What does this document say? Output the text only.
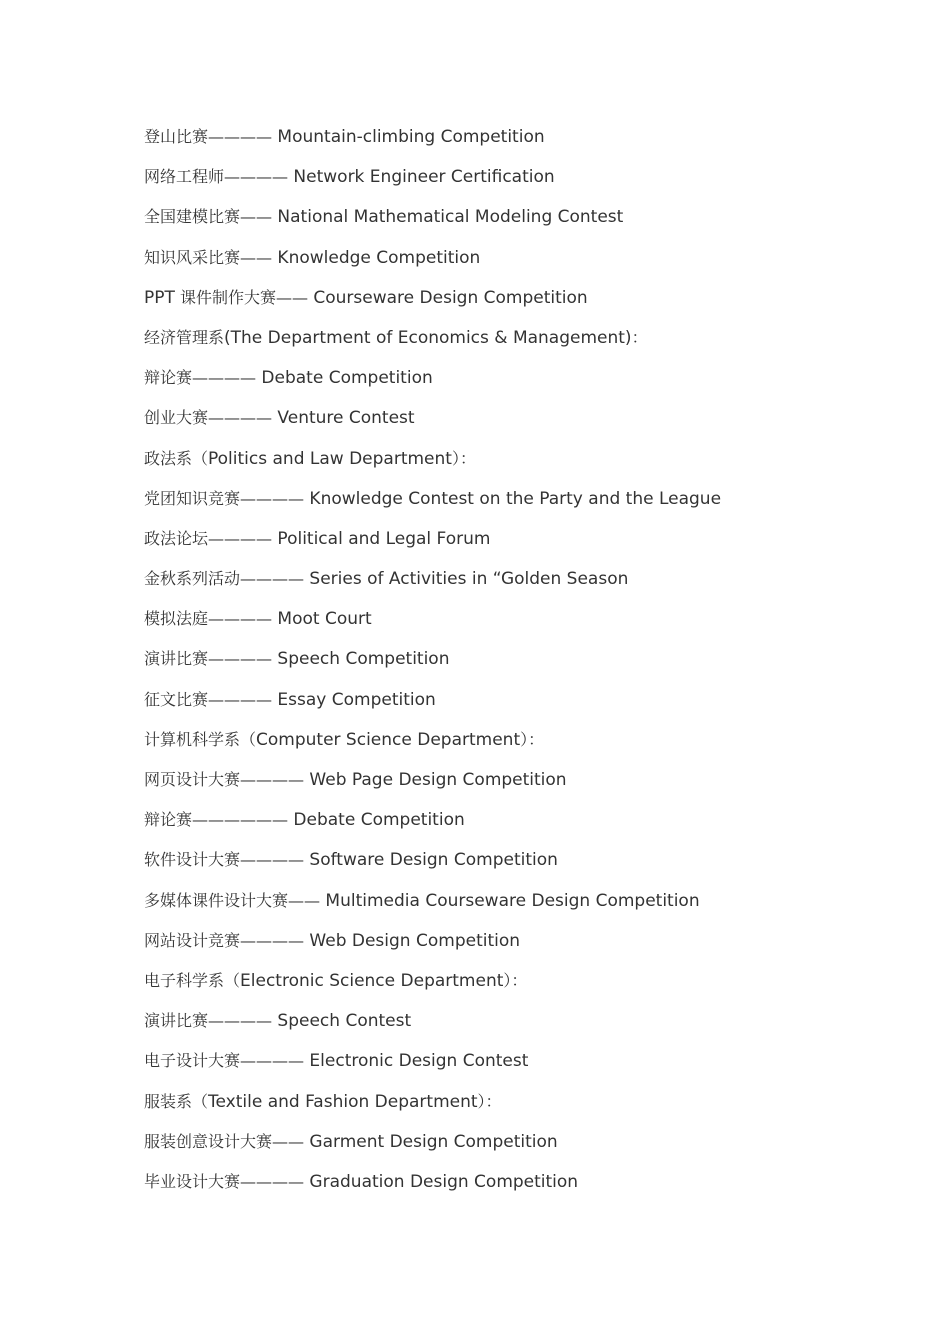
登山比赛———— Mountain-climbing Competition
网络工程师———— Network Engineer Certification
全国建模比赛—— National Mathematical Modeling Contest
知识风采比赛—— Knowledge Competition
PPT 课件制作大赛—— Courseware Design Competition
经济管理系(The Department of Economics & Management)：
辩论赛———— Debate Competition
创业大赛———— Venture Contest
政法系（Politics and Law Department）：
党团知识竞赛———— Knowledge Contest on the Party and the League
政法论坛———— Political and Legal Forum
金秋系列活动———— Series of Activities in “Golden Season
模拟法庭———— Moot Court
演讲比赛———— Speech Competition
征文比赛———— Essay Competition
计算机科学系（Computer Science Department）：
网页设计大赛———— Web Page Design Competition
辩论赛—————— Debate Competition
软件设计大赛———— Software Design Competition
多媒体课件设计大赛—— Multimedia Courseware Design Competition
网站设计竞赛———— Web Design Competition
电子科学系（Electronic Science Department）：
演讲比赛———— Speech Contest
电子设计大赛———— Electronic Design Contest
服装系（Textile and Fashion Department）：
服装创意设计大赛—— Garment Design Competition
毕业设计大赛———— Graduation Design Competition
